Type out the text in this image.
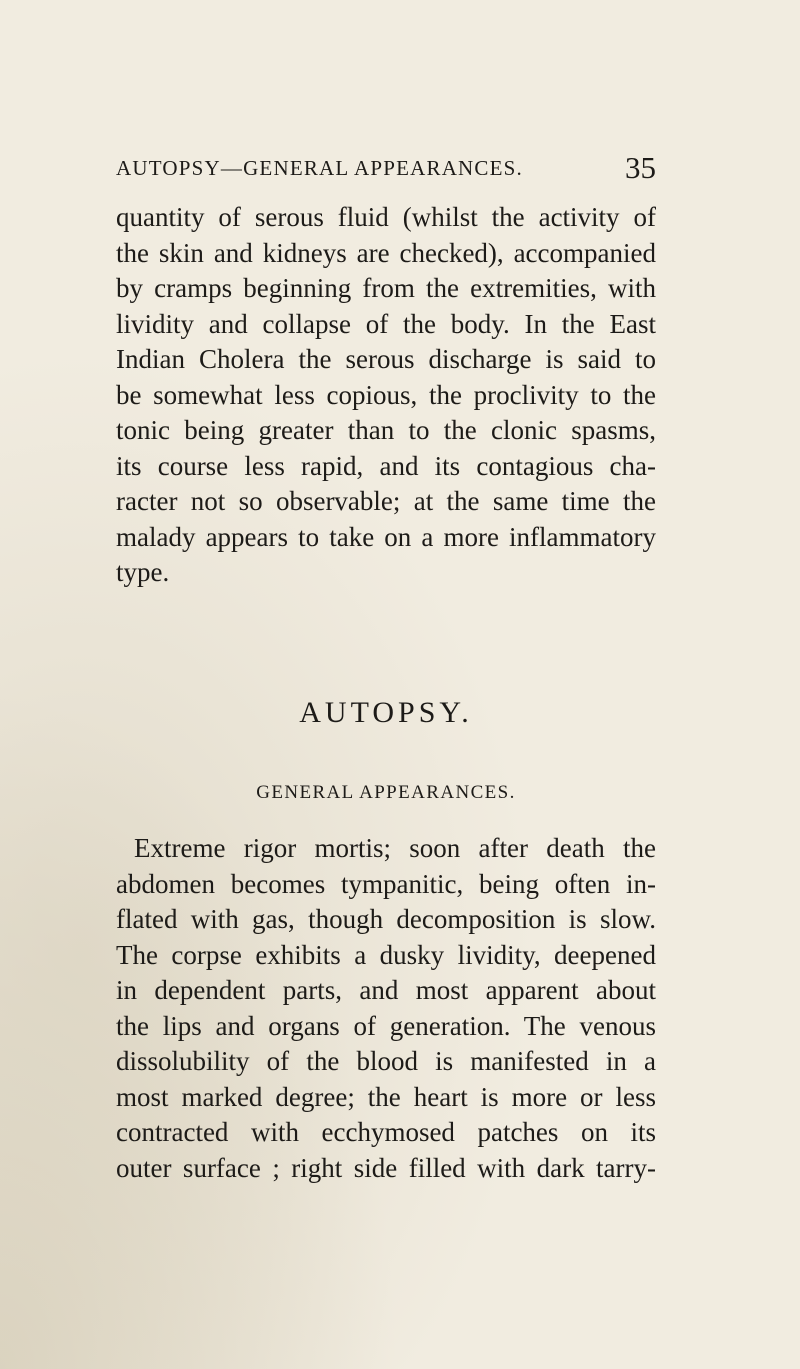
AUTOPSY—GENERAL APPEARANCES.	35
quantity of serous fluid (whilst the activity of
the skin and kidneys are checked), accompanied
by cramps beginning from the extremities, with
lividity and collapse of the body. In the East
Indian Cholera the serous discharge is said to
be somewhat less copious, the proclivity to the
tonic being greater than to the clonic spasms,
its course less rapid, and its contagious cha-
racter not so observable; at the same time the
malady appears to take on a more inflammatory
type.
AUTOPSY.
GENERAL APPEARANCES.
Extreme rigor mortis; soon after death the
abdomen becomes tympanitic, being often in-
flated with gas, though decomposition is slow.
The corpse exhibits a dusky lividity, deepened
in dependent parts, and most apparent about
the lips and organs of generation. The venous
dissolubility of the blood is manifested in a
most marked degree; the heart is more or less
contracted with ecchymosed patches on its
outer surface ; right side filled with dark tarry-
